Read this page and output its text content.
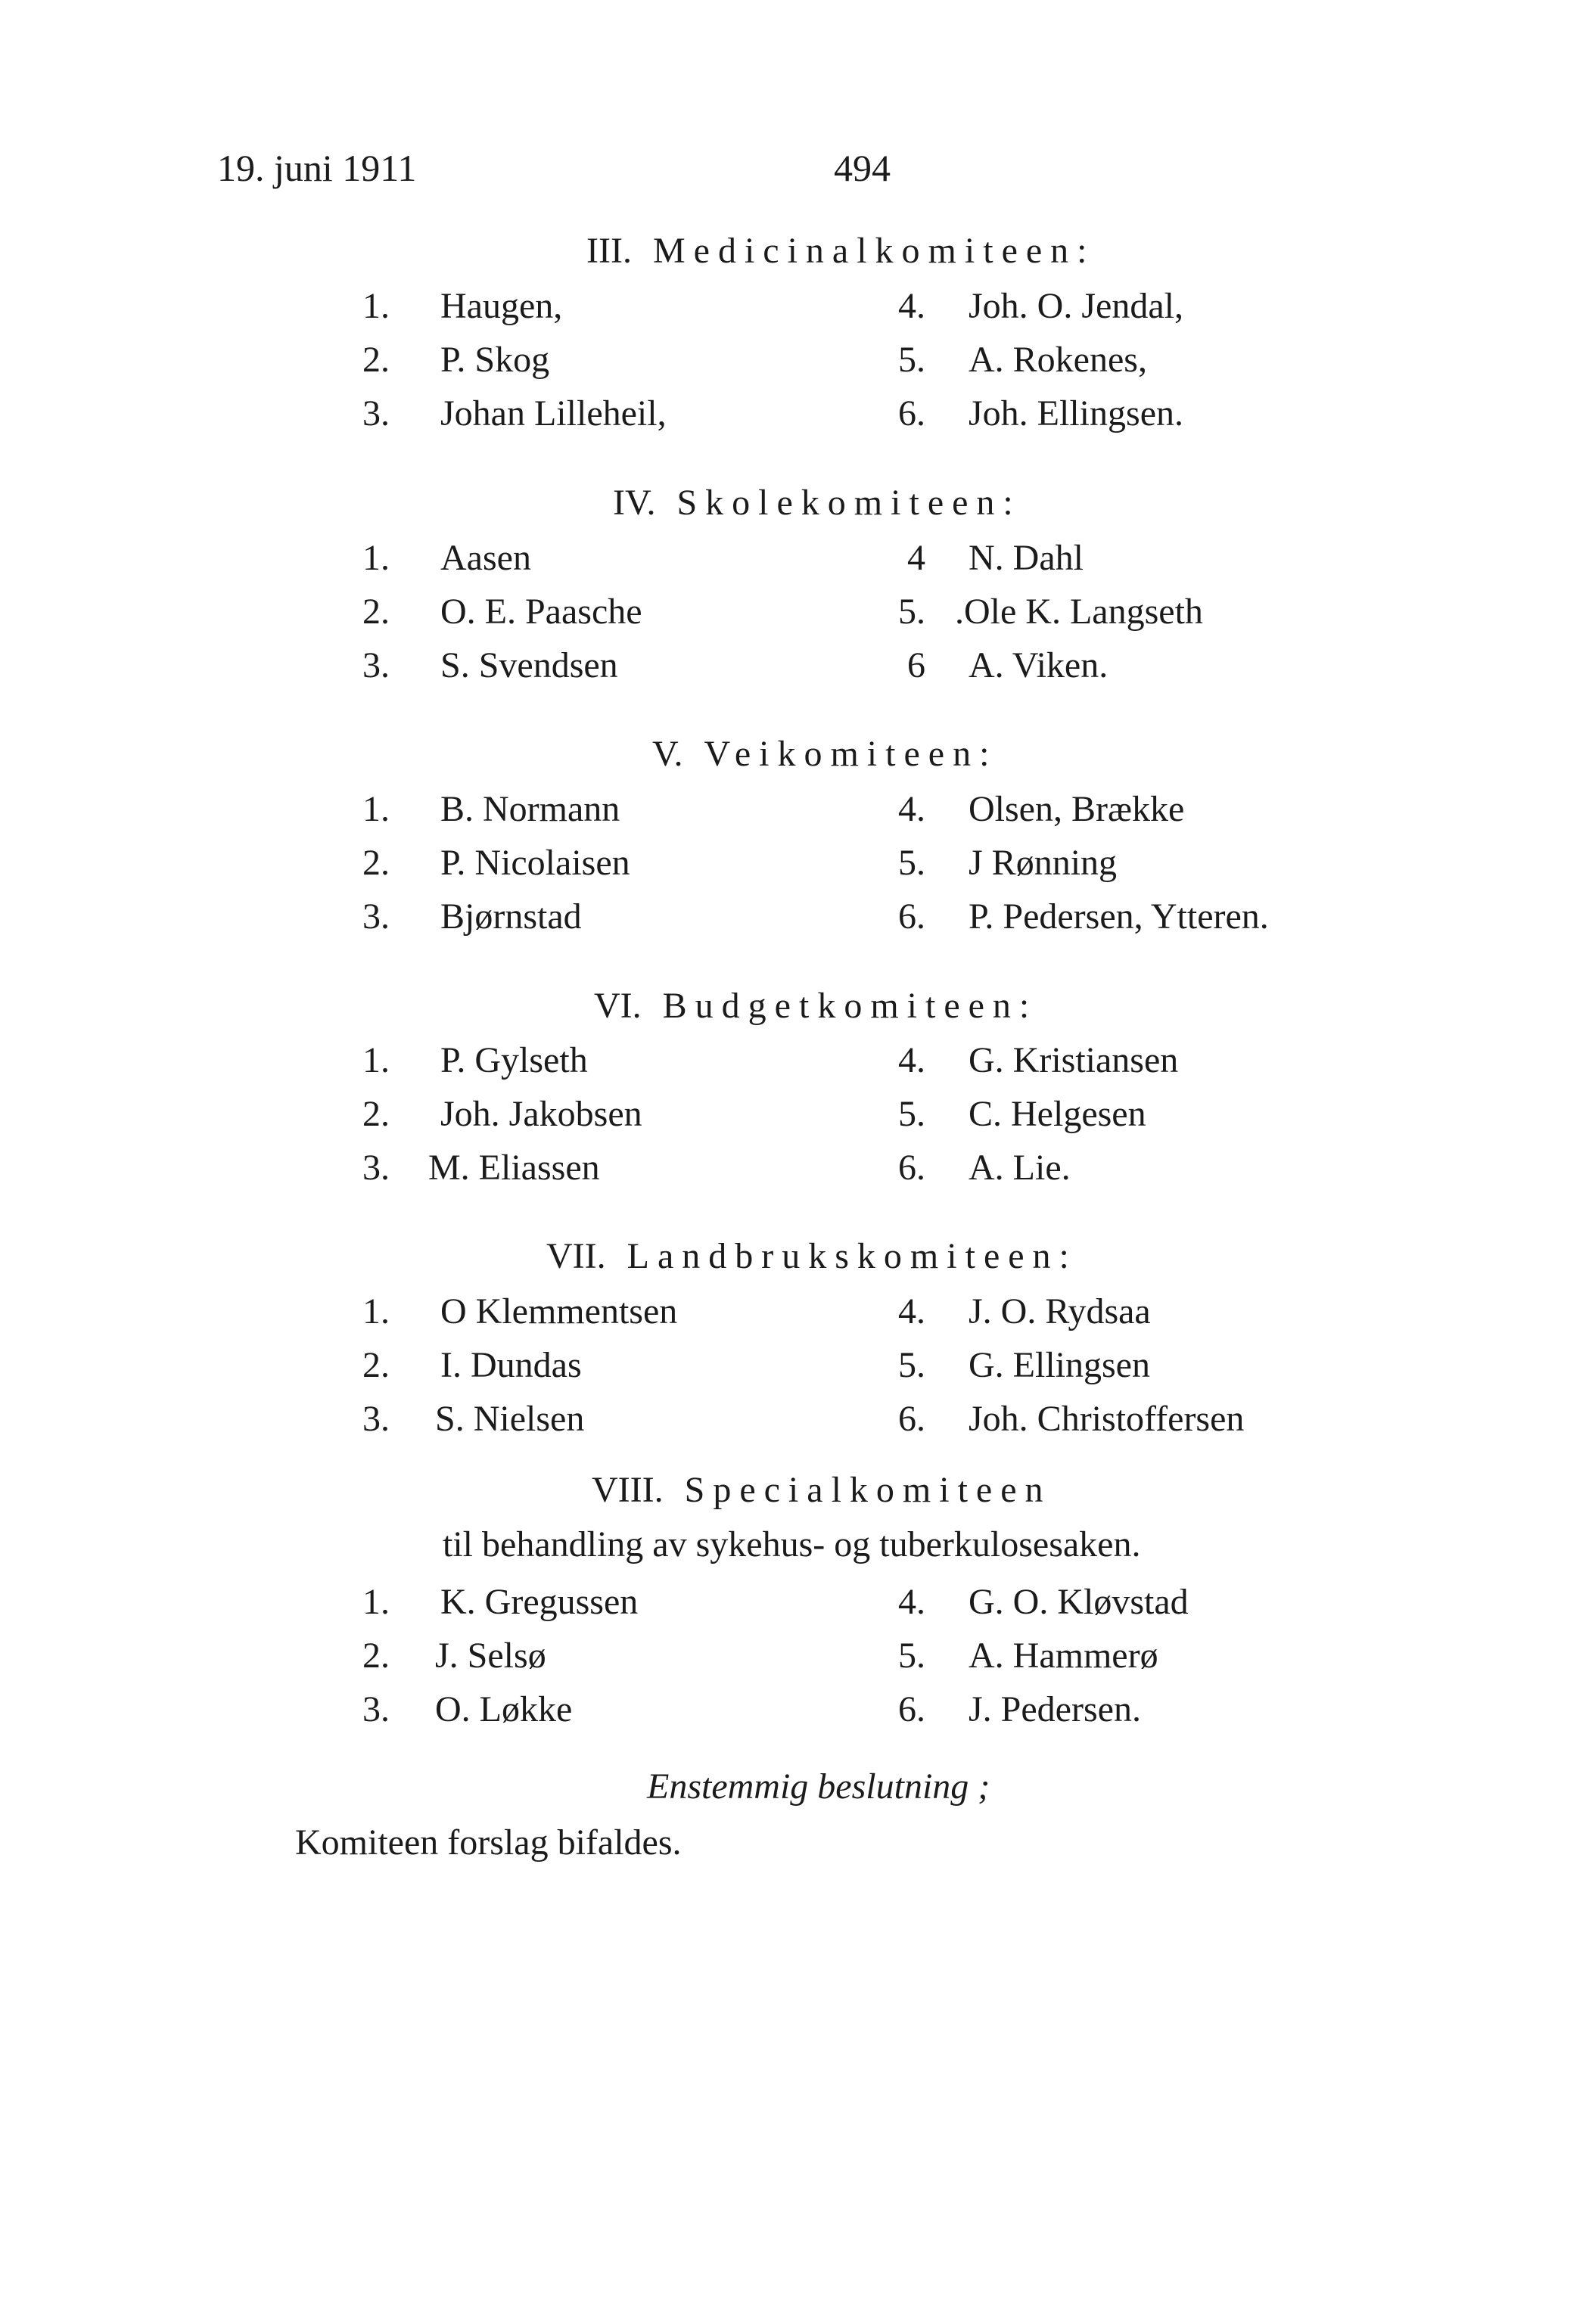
19. juni 1911	494
III. Medicinalkomiteen:
1. Haugen,	4. Joh. O. Jendal,
2. P. Skog	5. A. Rokenes,
3. Johan Lilleheil,	6. Joh. Ellingsen.
IV. Skolekomiteen:
1. Aasen	4 N. Dahl
2. O. E. Paasche	5. .Ole K. Langseth
3. S. Svendsen	6 A. Viken.
V. Veikomiteen:
1. B. Normann	4. Olsen, Brække
2. P. Nicolaisen	5. J Rønning
3. Bjørnstad	6. P. Pedersen, Ytteren.
VI. Budgetkomiteen:
1. P. Gylseth	4. G. Kristiansen
2. Joh. Jakobsen	5. C. Helgesen
3. M. Eliassen	6. A. Lie.
VII. Landbrukskomiteen:
1. O Klemmentsen	4. J. O. Rydsaa
2. I. Dundas	5. G. Ellingsen
3. S. Nielsen	6. Joh. Christoffersen
VIII. Specialkomiteen
til behandling av sykehus- og tuberkulosesaken.
1. K. Gregussen	4. G. O. Kløvstad
2. J. Selsø	5. A. Hammerø
3. O. Løkke	6. J. Pedersen.
Enstemmig beslutning ;
Komiteen forslag bifaldes.
